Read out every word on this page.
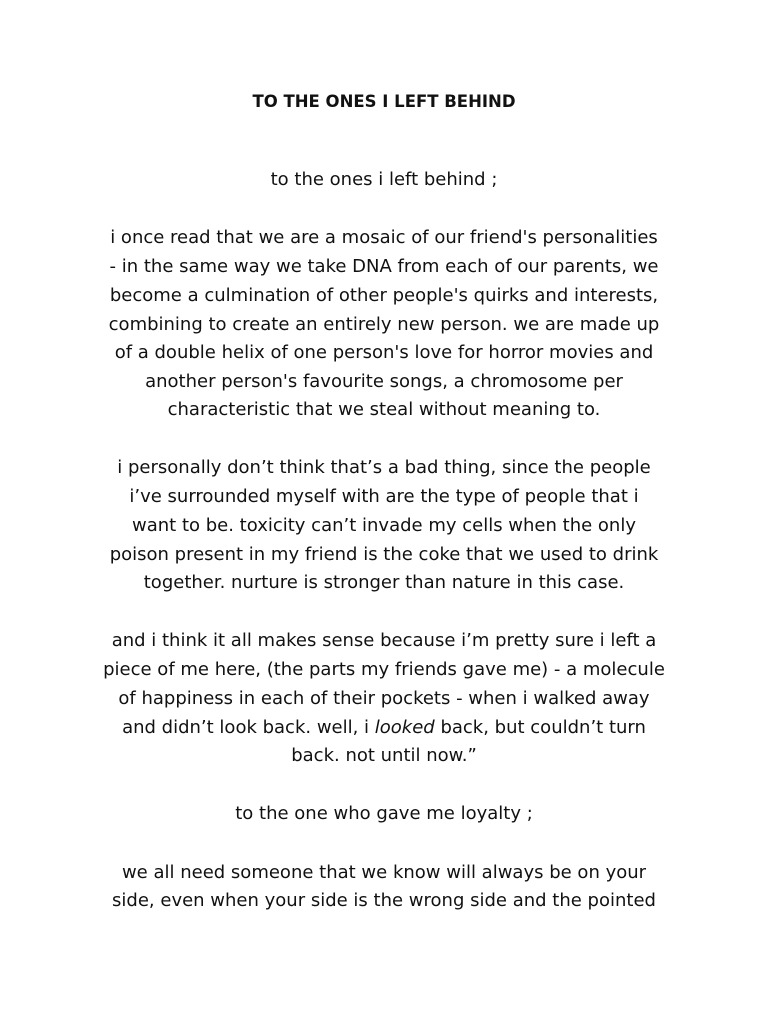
TO THE ONES I LEFT BEHIND
to the ones i left behind ;
i once read that we are a mosaic of our friend's personalities
- in the same way we take DNA from each of our parents, we
become a culmination of other people's quirks and interests,
combining to create an entirely new person. we are made up
of a double helix of one person's love for horror movies and
another person's favourite songs, a chromosome per
characteristic that we steal without meaning to.
i personally don’t think that’s a bad thing, since the people
i’ve surrounded myself with are the type of people that i
want to be. toxicity can’t invade my cells when the only
poison present in my friend is the coke that we used to drink
together. nurture is stronger than nature in this case.
and i think it all makes sense because i’m pretty sure i left a
piece of me here, (the parts my friends gave me) - a molecule
of happiness in each of their pockets - when i walked away
and didn’t look back. well, i looked back, but couldn’t turn
back. not until now.”
to the one who gave me loyalty ;
we all need someone that we know will always be on your
side, even when your side is the wrong side and the pointed
